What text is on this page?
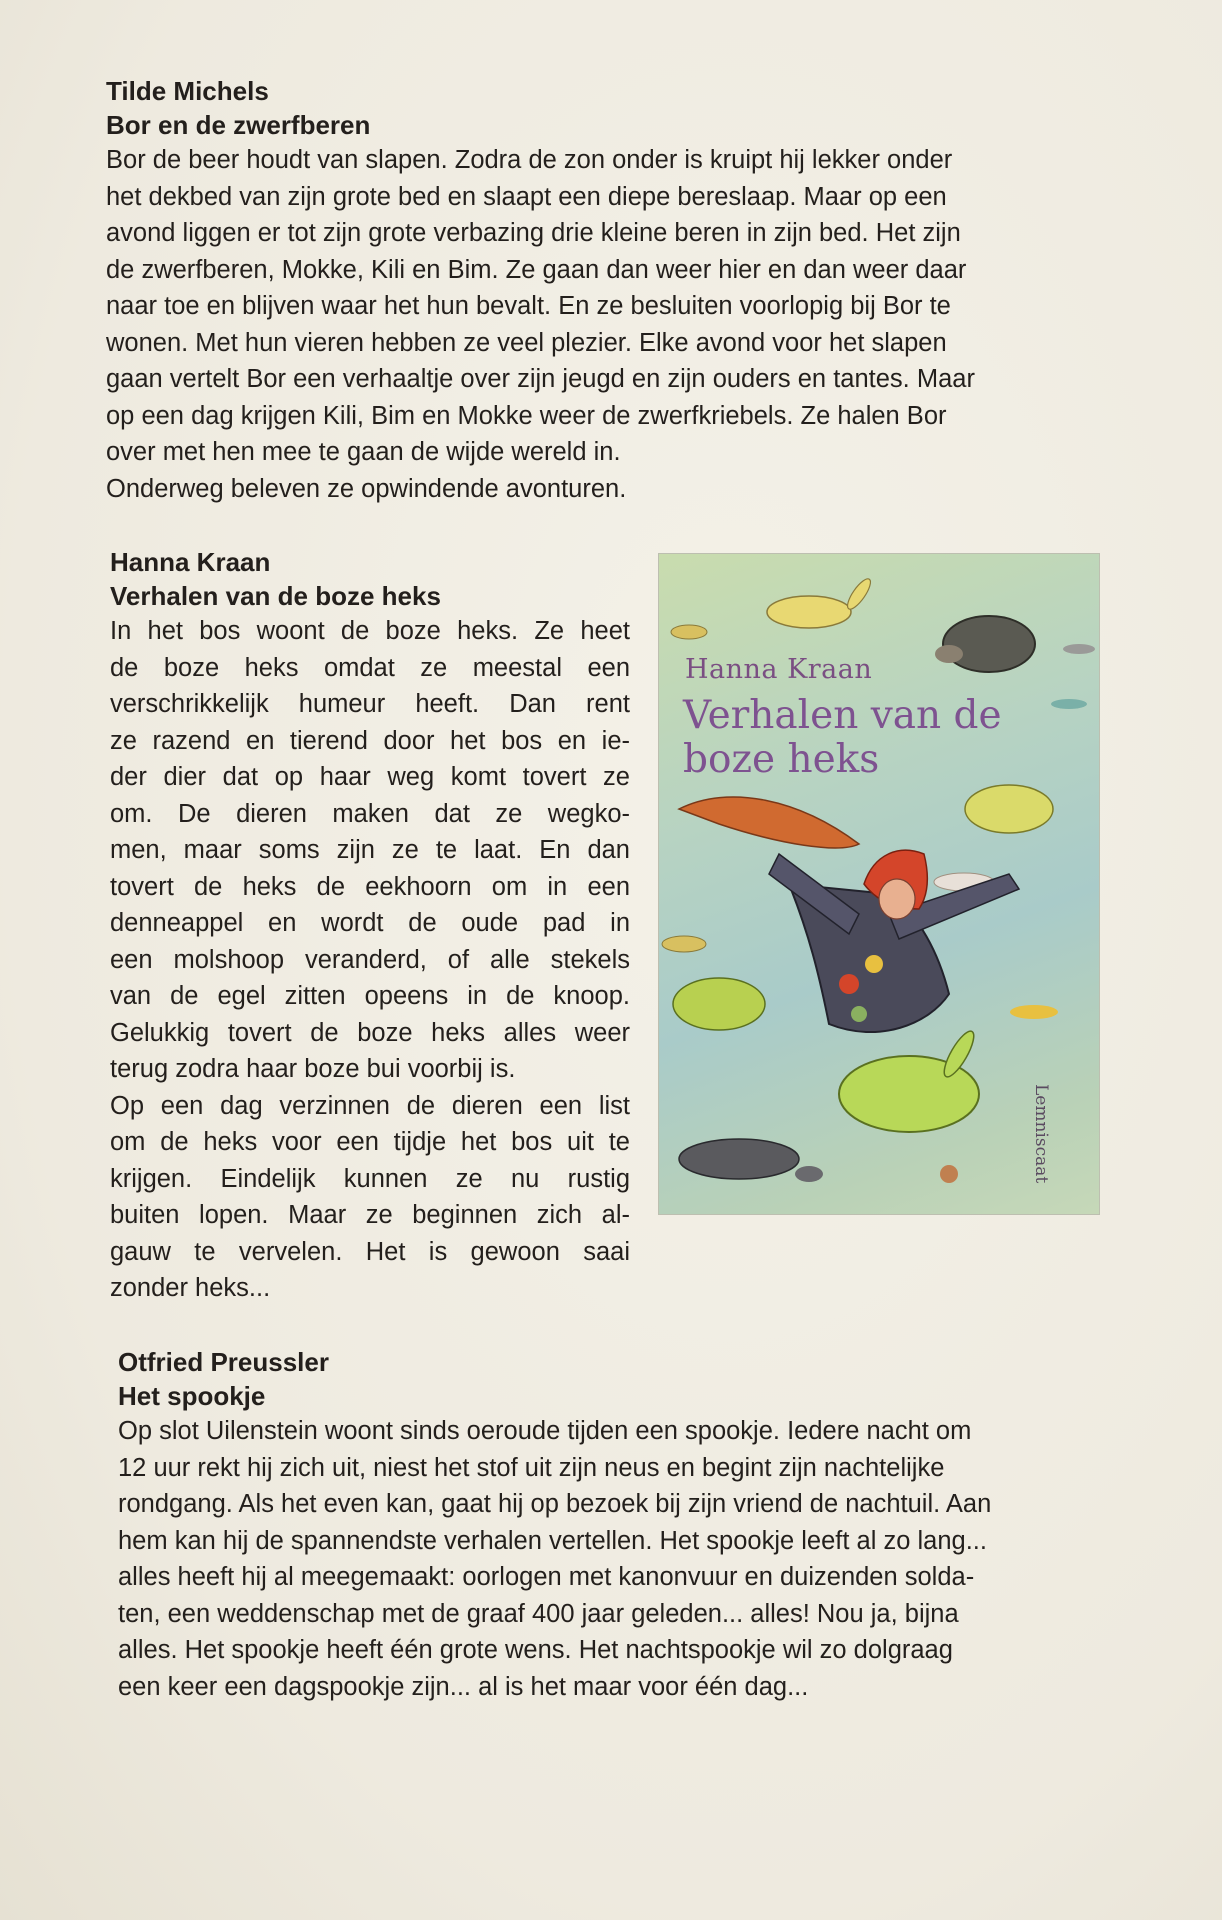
Tilde Michels

Bor en de zwerfberen

Bor de beer houdt van slapen. Zodra de zon onder is kruipt hij lekker onder
het dekbed van zijn grote bed en slaapt een diepe bereslaap. Maar op een
avond liggen er tot zijn grote verbazing drie kleine beren in zijn bed. Het zijn
de zwerfberen, Mokke, Kili en Bim. Ze gaan dan weer hier en dan weer daar
naar toe en blijven waar het hun bevalt. En ze besluiten voorlopig bij Bor te
wonen. Met hun vieren hebben ze veel plezier. Elke avond voor het slapen
gaan vertelt Bor een verhaaltje over zijn jeugd en zijn ouders en tantes. Maar
op een dag krijgen Kili, Bim en Mokke weer de zwerfkriebels. Ze halen Bor
over met hen mee te gaan de wijde wereld in.
Onderweg beleven ze opwindende avonturen.

Hanna Kraan

Verhalen van de boze heks

In het bos woont de boze heks. Ze heet
de boze heks omdat ze meestal een
verschrikkelijk humeur heeft. Dan rent
ze razend en tierend door het bos en ie-
der dier dat op haar weg komt tovert ze
om. De dieren maken dat ze wegko-
men, maar soms zijn ze te laat. En dan
tovert de heks de eekhoorn om in een
denneappel en wordt de oude pad in
een molshoop veranderd, of alle stekels
van de egel zitten opeens in de knoop.
Gelukkig tovert de boze heks alles weer
terug zodra haar boze bui voorbij is.
Op een dag verzinnen de dieren een list
om de heks voor een tijdje het bos uit te
krijgen. Eindelijk kunnen ze nu rustig
buiten lopen. Maar ze beginnen zich al-
gauw te vervelen. Het is gewoon saai
zonder heks...
Hanna Kraan
Verhalen van de
boze heks
Lemniscaat

Otfried Preussler

Het spookje

Op slot Uilenstein woont sinds oeroude tijden een spookje. Iedere nacht om
12 uur rekt hij zich uit, niest het stof uit zijn neus en begint zijn nachtelijke
rondgang. Als het even kan, gaat hij op bezoek bij zijn vriend de nachtuil. Aan
hem kan hij de spannendste verhalen vertellen. Het spookje leeft al zo lang...
alles heeft hij al meegemaakt: oorlogen met kanonvuur en duizenden solda-
ten, een weddenschap met de graaf 400 jaar geleden... alles! Nou ja, bijna
alles. Het spookje heeft één grote wens. Het nachtspookje wil zo dolgraag
een keer een dagspookje zijn... al is het maar voor één dag...
